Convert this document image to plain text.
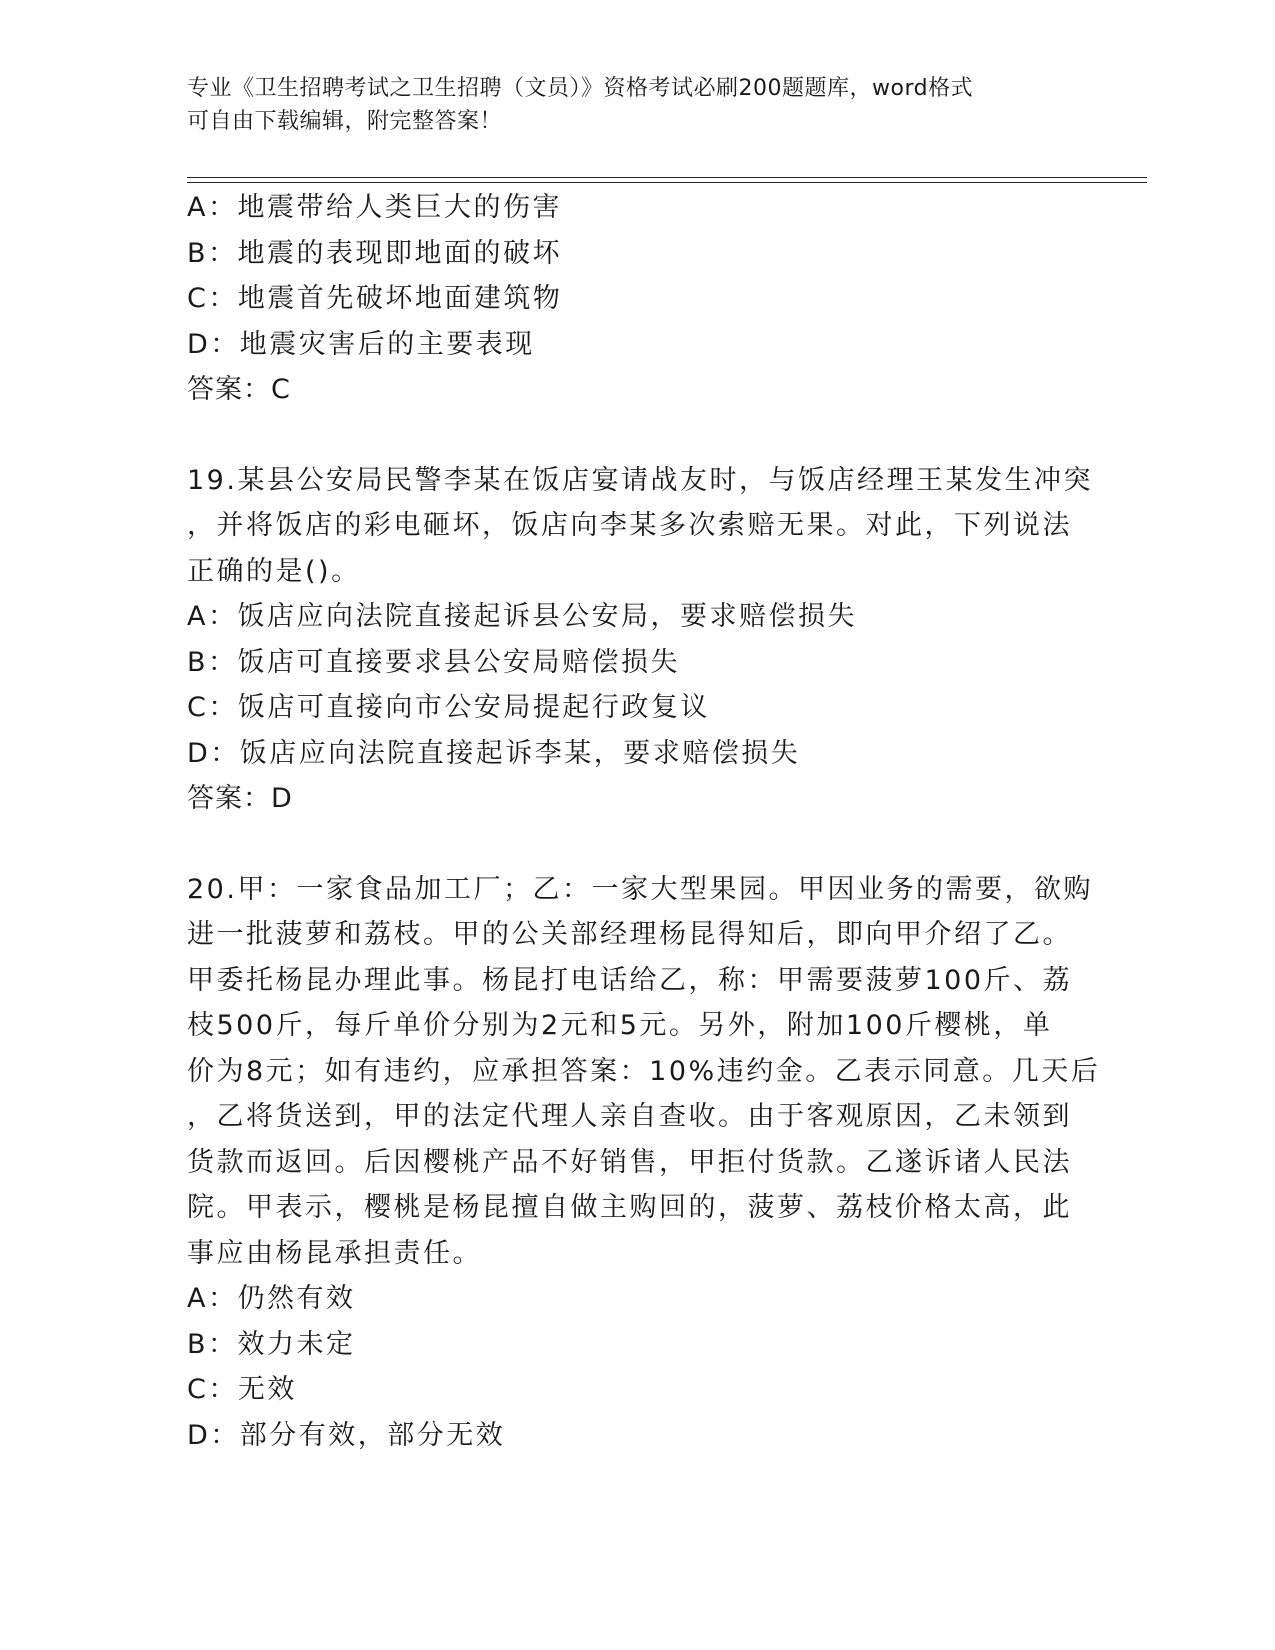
专业《卫生招聘考试之卫生招聘（文员）》资格考试必刷200题题库，word格式
可自由下载编辑，附完整答案！
A：地震带给人类巨大的伤害
B：地震的表现即地面的破坏
C：地震首先破坏地面建筑物
D：地震灾害后的主要表现
答案：C
19.某县公安局民警李某在饭店宴请战友时，与饭店经理王某发生冲突
，并将饭店的彩电砸坏，饭店向李某多次索赔无果。对此，下列说法
正确的是()。
A：饭店应向法院直接起诉县公安局，要求赔偿损失
B：饭店可直接要求县公安局赔偿损失
C：饭店可直接向市公安局提起行政复议
D：饭店应向法院直接起诉李某，要求赔偿损失
答案：D
20.甲：一家食品加工厂；乙：一家大型果园。甲因业务的需要，欲购
进一批菠萝和荔枝。甲的公关部经理杨昆得知后，即向甲介绍了乙。
甲委托杨昆办理此事。杨昆打电话给乙，称：甲需要菠萝100斤、荔
枝500斤，每斤单价分别为2元和5元。另外，附加100斤樱桃，单
价为8元；如有违约，应承担答案：10%违约金。乙表示同意。几天后
，乙将货送到，甲的法定代理人亲自查收。由于客观原因，乙未领到
货款而返回。后因樱桃产品不好销售，甲拒付货款。乙遂诉诸人民法
院。甲表示，樱桃是杨昆擅自做主购回的，菠萝、荔枝价格太高，此
事应由杨昆承担责任。
A：仍然有效
B：效力未定
C：无效
D：部分有效，部分无效
